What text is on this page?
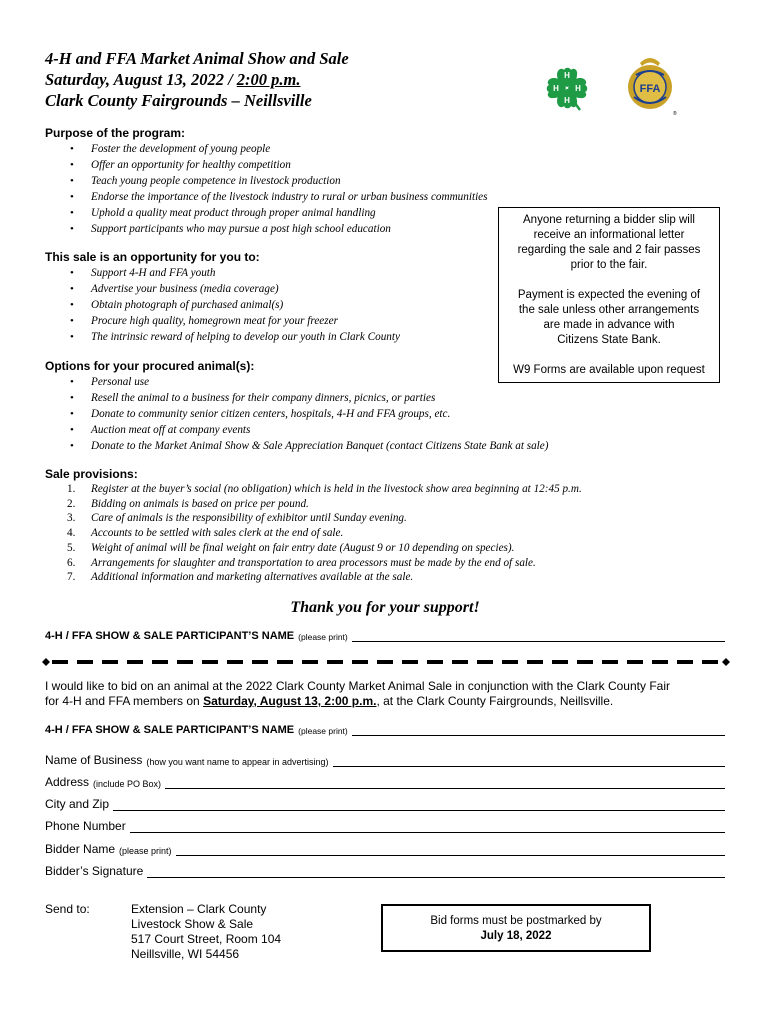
4-H and FFA Market Animal Show and Sale
Saturday, August 13, 2022 / 2:00 p.m.
Clark County Fairgrounds – Neillsville
H
H
H H	FFA
®
Purpose of the program:
• Foster the development of young people
• Offer an opportunity for healthy competition
• Teach young people competence in livestock production
• Endorse the importance of the livestock industry to rural or urban business communities
• Uphold a quality meat product through proper animal handling
• Support participants who may pursue a post high school education
This sale is an opportunity for you to:
• Support 4-H and FFA youth
• Advertise your business (media coverage)
• Obtain photograph of purchased animal(s)
• Procure high quality, homegrown meat for your freezer
• The intrinsic reward of helping to develop our youth in Clark County

Anyone returning a bidder slip will
receive an informational letter
regarding the sale and 2 fair passes
prior to the fair.

Payment is expected the evening of
the sale unless other arrangements
are made in advance with
Citizens State Bank.

W9 Forms are available upon request

Options for your procured animal(s):
• Personal use
• Resell the animal to a business for their company dinners, picnics, or parties
• Donate to community senior citizen centers, hospitals, 4-H and FFA groups, etc.
• Auction meat off at company events
• Donate to the Market Animal Show & Sale Appreciation Banquet (contact Citizens State Bank at sale)
Sale provisions:
1. Register at the buyer’s social (no obligation) which is held in the livestock show area beginning at 12:45 p.m.
2. Bidding on animals is based on price per pound.
3. Care of animals is the responsibility of exhibitor until Sunday evening.
4. Accounts to be settled with sales clerk at the end of sale.
5. Weight of animal will be final weight on fair entry date (August 9 or 10 depending on species).
6. Arrangements for slaughter and transportation to area processors must be made by the end of sale.
7. Additional information and marketing alternatives available at the sale.
Thank you for your support!
4-H / FFA SHOW & SALE PARTICIPANT’S NAME (please print)
I would like to bid on an animal at the 2022 Clark County Market Animal Sale in conjunction with the Clark County Fair
for 4-H and FFA members on Saturday, August 13, 2:00 p.m., at the Clark County Fairgrounds, Neillsville.
4-H / FFA SHOW & SALE PARTICIPANT’S NAME (please print)
Name of Business (how you want name to appear in advertising)
Address (include PO Box)
City and Zip
Phone Number
Bidder Name (please print)
Bidder’s Signature
Send to:	Extension – Clark County
Livestock Show & Sale
517 Court Street, Room 104
Neillsville, WI 54456
Bid forms must be postmarked by
July 18, 2022
